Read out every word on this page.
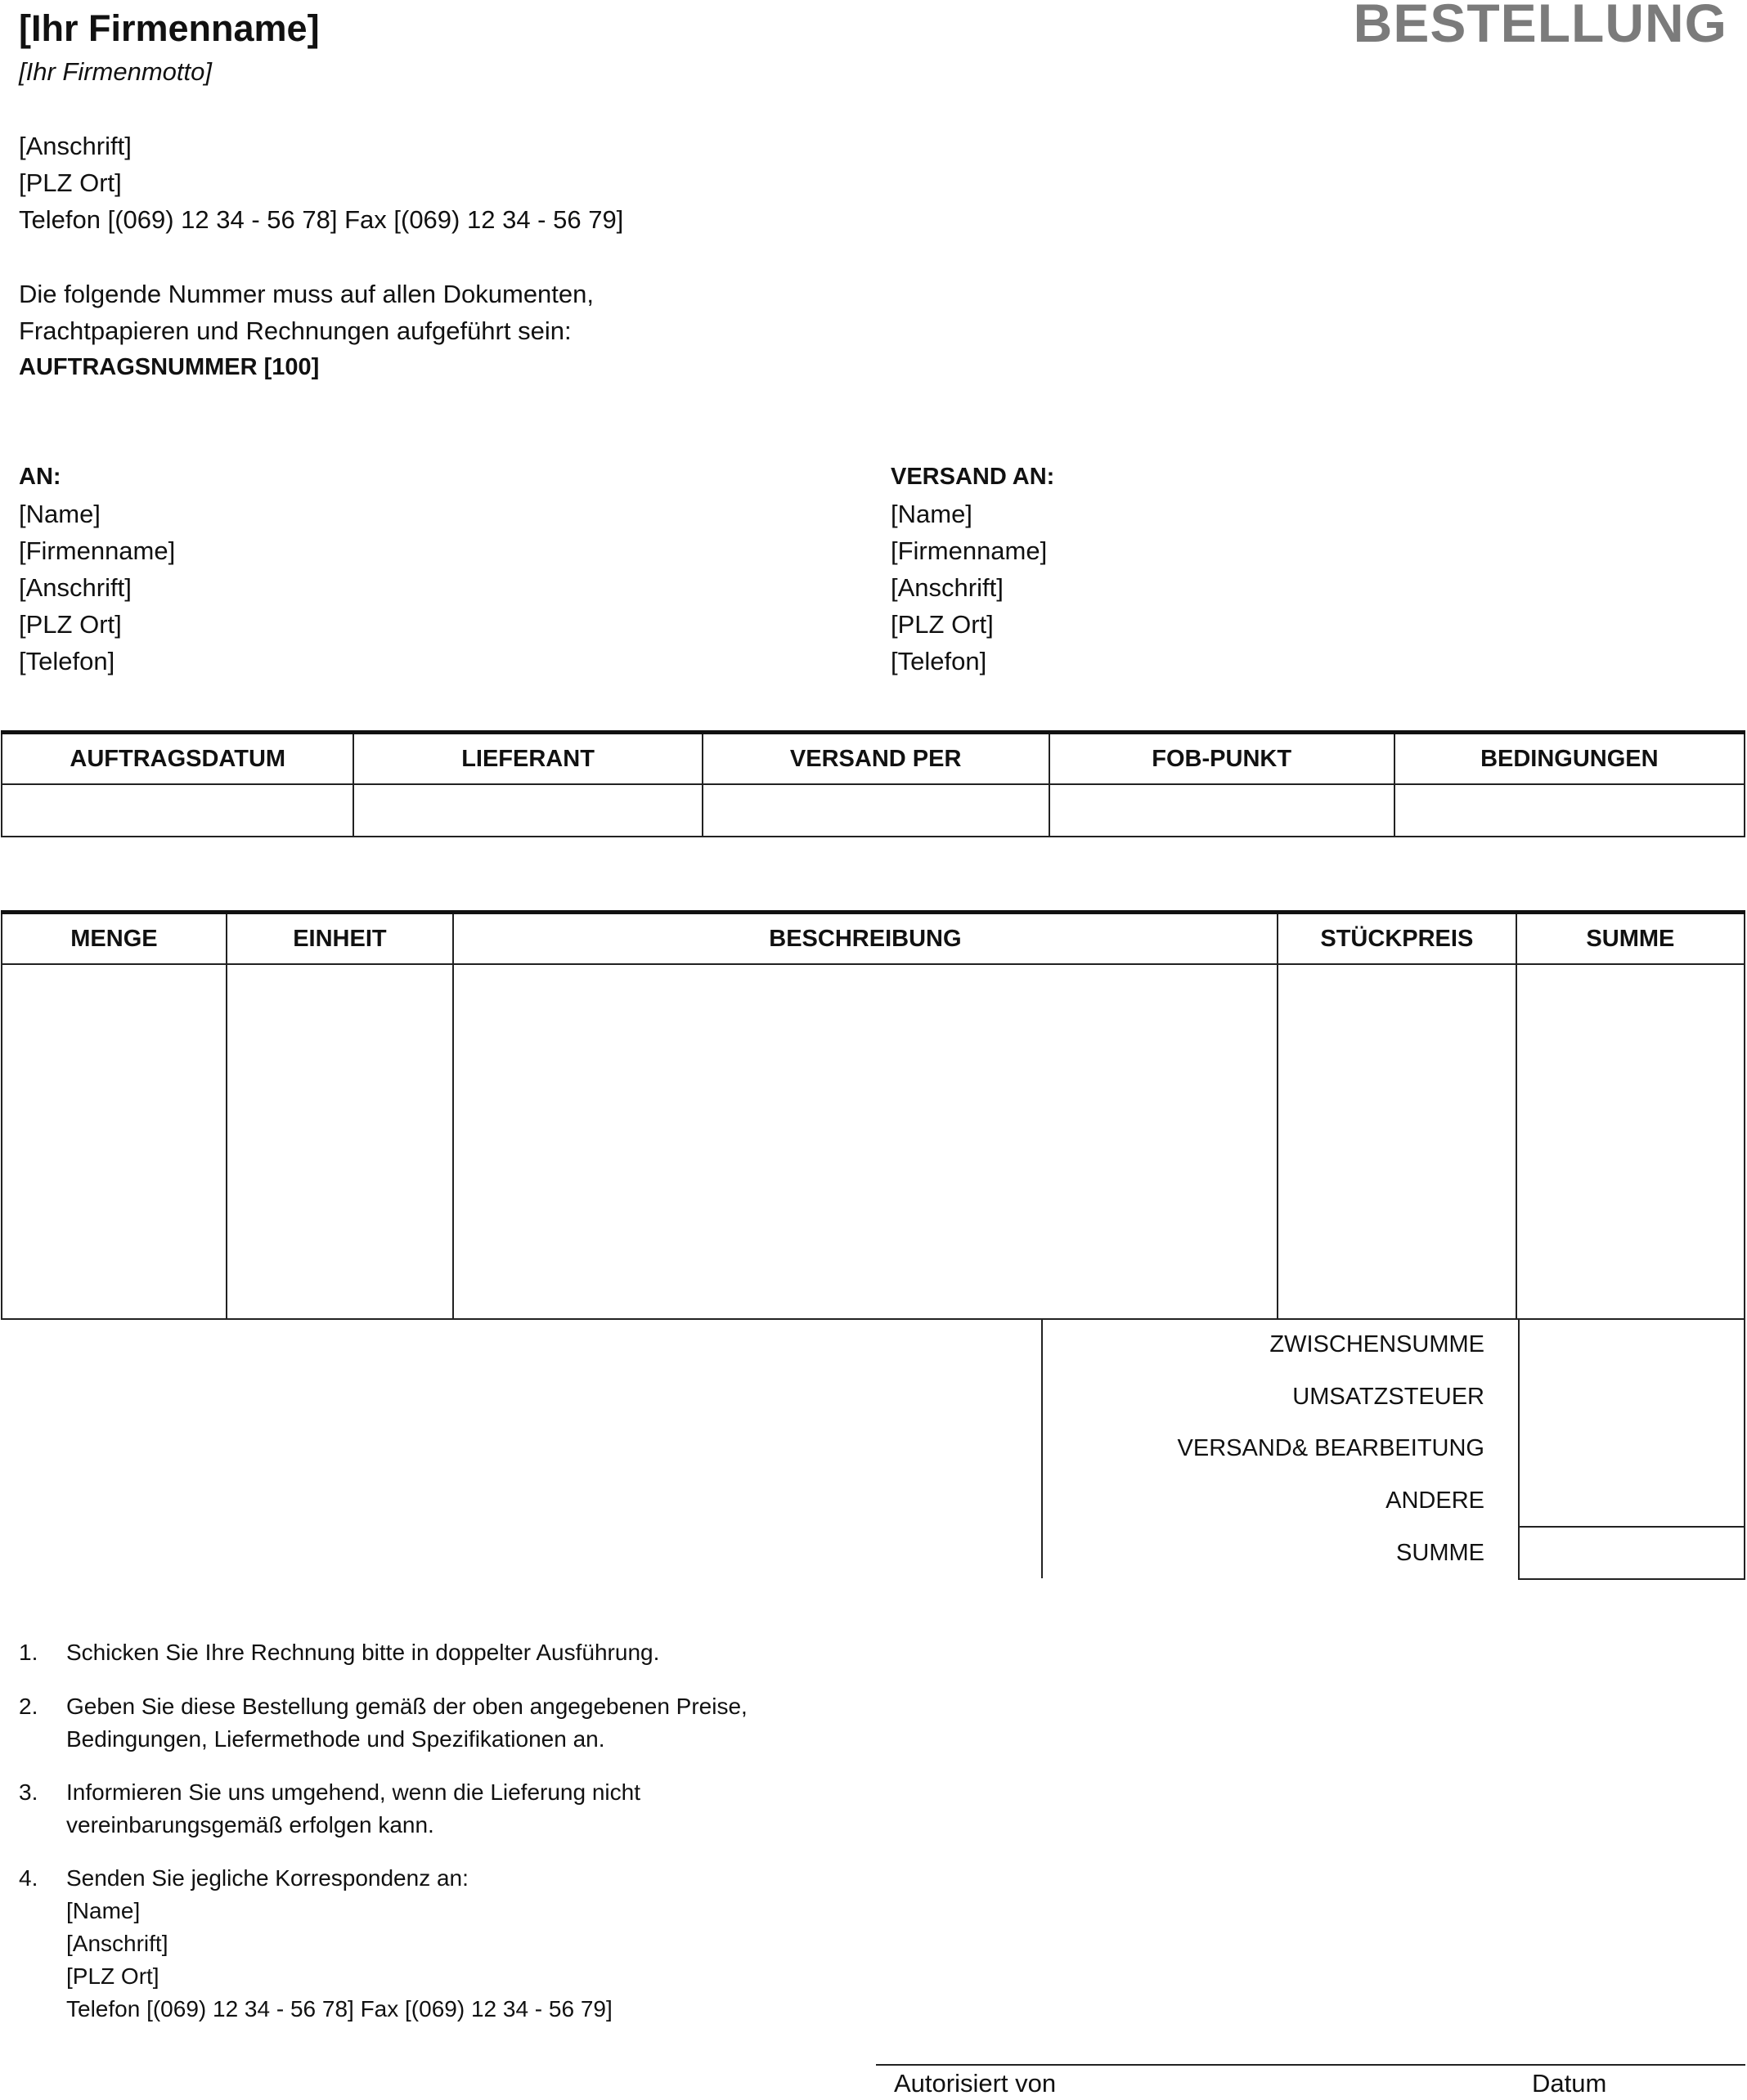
[Ihr Firmenname]
[Ihr Firmenmotto]
BESTELLUNG
[Anschrift]
[PLZ Ort]
Telefon [(069) 12 34 - 56 78] Fax [(069) 12 34 - 56 79]
Die folgende Nummer muss auf allen Dokumenten,
Frachtpapieren und Rechnungen aufgeführt sein:
AUFTRAGSNUMMER [100]
AN:
[Name]
[Firmenname]
[Anschrift]
[PLZ Ort]
[Telefon]
VERSAND AN:
[Name]
[Firmenname]
[Anschrift]
[PLZ Ort]
[Telefon]
AUFTRAGSDATUM	LIEFERANT	VERSAND PER	FOB-PUNKT	BEDINGUNGEN

MENGE	EINHEIT	BESCHREIBUNG	STÜCKPREIS	SUMME

ZWISCHENSUMME
UMSATZSTEUER
VERSAND& BEARBEITUNG
ANDERE
SUMME
1.	Schicken Sie Ihre Rechnung bitte in doppelter Ausführung.
2.	Geben Sie diese Bestellung gemäß der oben angegebenen Preise,
Bedingungen, Liefermethode und Spezifikationen an.
3.	Informieren Sie uns umgehend, wenn die Lieferung nicht
vereinbarungsgemäß erfolgen kann.
4.	Senden Sie jegliche Korrespondenz an:
[Name]
[Anschrift]
[PLZ Ort]
Telefon [(069) 12 34 - 56 78] Fax [(069) 12 34 - 56 79]
Autorisiert von	Datum
